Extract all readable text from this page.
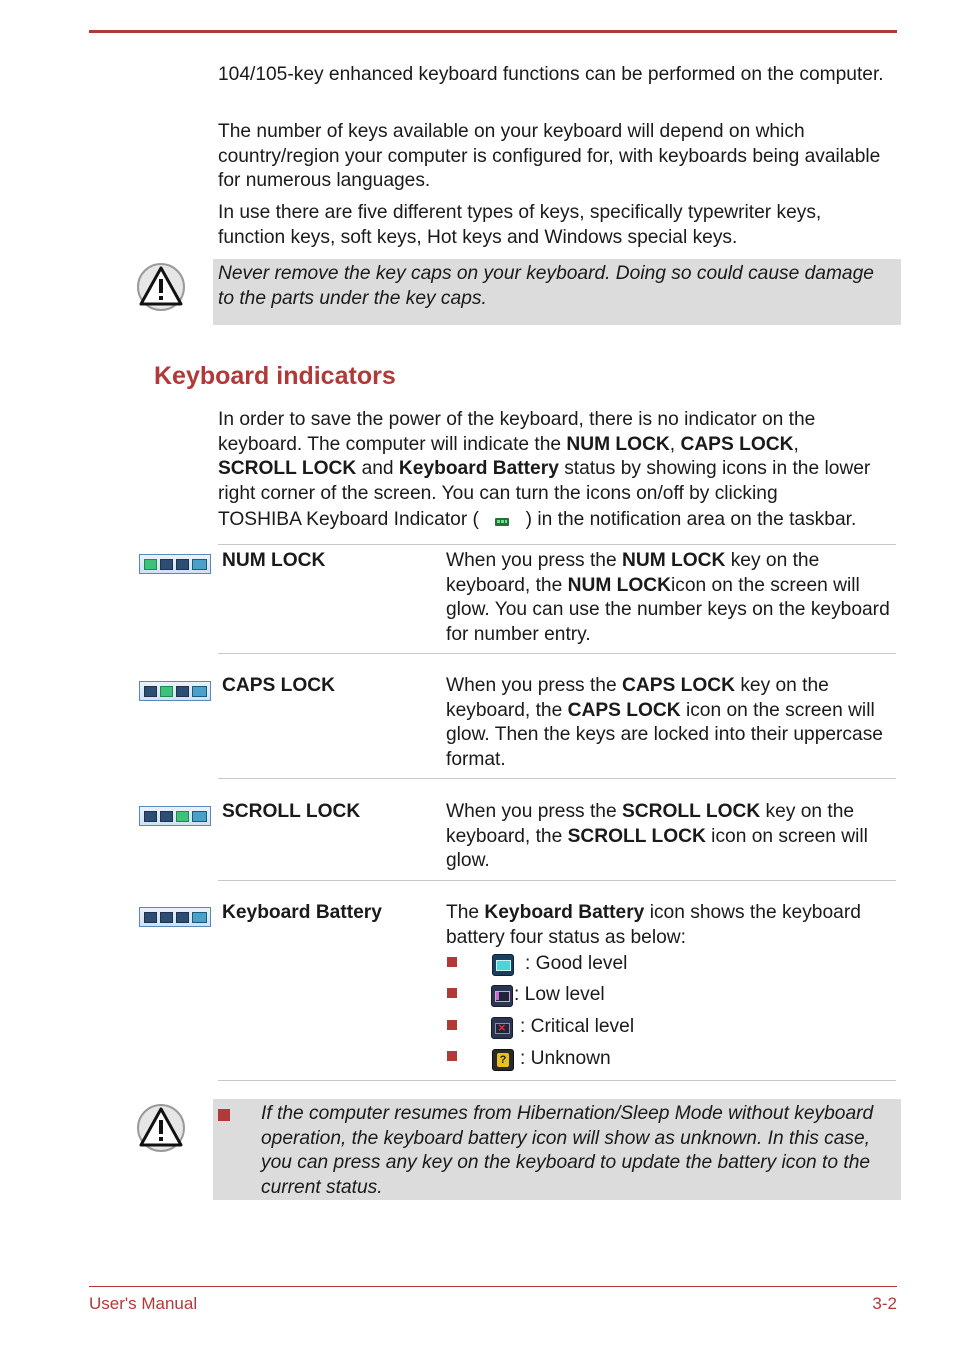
104/105-key enhanced keyboard functions can be performed on the computer.

The number of keys available on your keyboard will depend on which country/region your computer is configured for, with keyboards being available for numerous languages.

In use there are five different types of keys, specifically typewriter keys, function keys, soft keys, Hot keys and Windows special keys.

Never remove the key caps on your keyboard. Doing so could cause damage to the parts under the key caps.

Keyboard indicators

In order to save the power of the keyboard, there is no indicator on the keyboard. The computer will indicate the NUM LOCK, CAPS LOCK,
SCROLL LOCK and Keyboard Battery status by showing icons in the lower right corner of the screen. You can turn the icons on/off by clicking

TOSHIBA Keyboard Indicator ( ) in the notification area on the taskbar.
NUM LOCK	When you press the NUM LOCK key on the keyboard, the NUM LOCKicon on the screen will glow. You can use the number keys on the keyboard for number entry.

CAPS LOCK	When you press the CAPS LOCK key on the keyboard, the CAPS LOCK icon on the screen will glow. Then the keys are locked into their uppercase format.

SCROLL LOCK	When you press the SCROLL LOCK key on the keyboard, the SCROLL LOCK icon on screen will glow.

Keyboard Battery	The Keyboard Battery icon shows the keyboard battery four status as below:

: Good level
: Low level
× : Critical level
? : Unknown

If the computer resumes from Hibernation/Sleep Mode without keyboard operation, the keyboard battery icon will show as unknown. In this case, you can press any key on the keyboard to update the battery icon to the current status.

User's Manual	3-2
